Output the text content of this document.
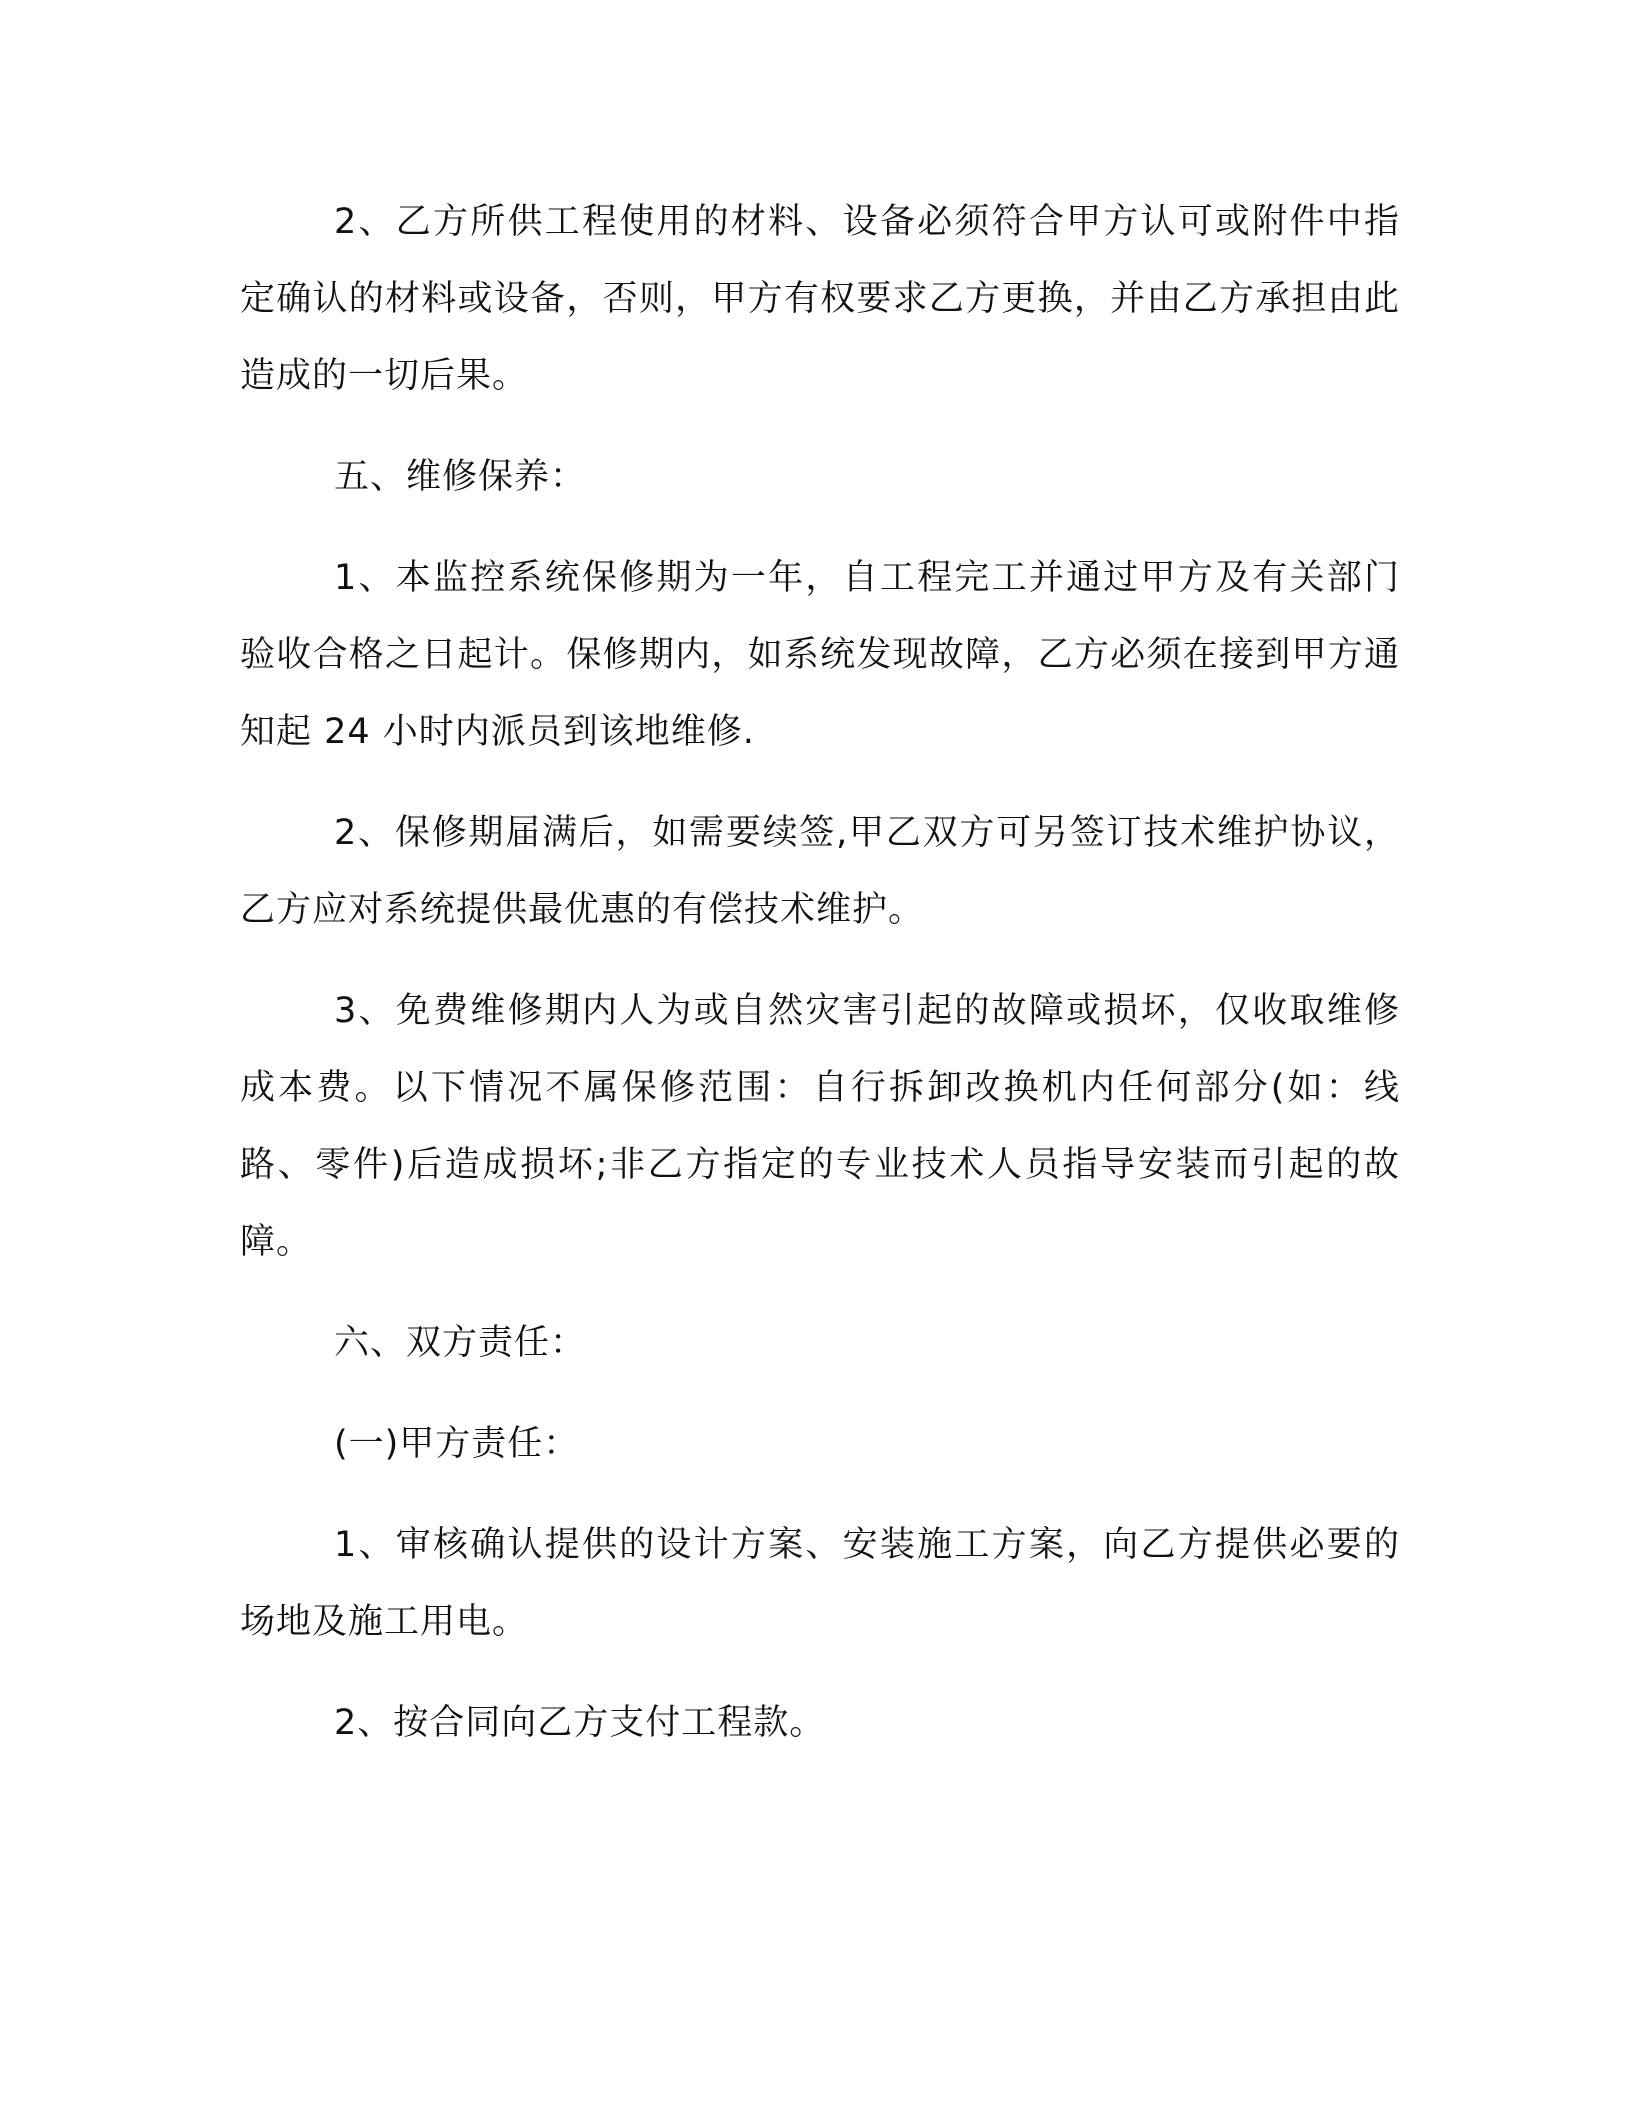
2、乙方所供工程使用的材料、设备必须符合甲方认可或附件中指定确认的材料或设备，否则，甲方有权要求乙方更换，并由乙方承担由此造成的一切后果。

五、维修保养：

1、本监控系统保修期为一年，自工程完工并通过甲方及有关部门验收合格之日起计。保修期内，如系统发现故障，乙方必须在接到甲方通知起 24 小时内派员到该地维修.

2、保修期届满后，如需要续签,甲乙双方可另签订技术维护协议，乙方应对系统提供最优惠的有偿技术维护。

3、免费维修期内人为或自然灾害引起的故障或损坏，仅收取维修成本费。以下情况不属保修范围：自行拆卸改换机内任何部分(如：线路、零件)后造成损坏;非乙方指定的专业技术人员指导安装而引起的故障。

六、双方责任：

(一)甲方责任：

1、审核确认提供的设计方案、安装施工方案，向乙方提供必要的场地及施工用电。

2、按合同向乙方支付工程款。
